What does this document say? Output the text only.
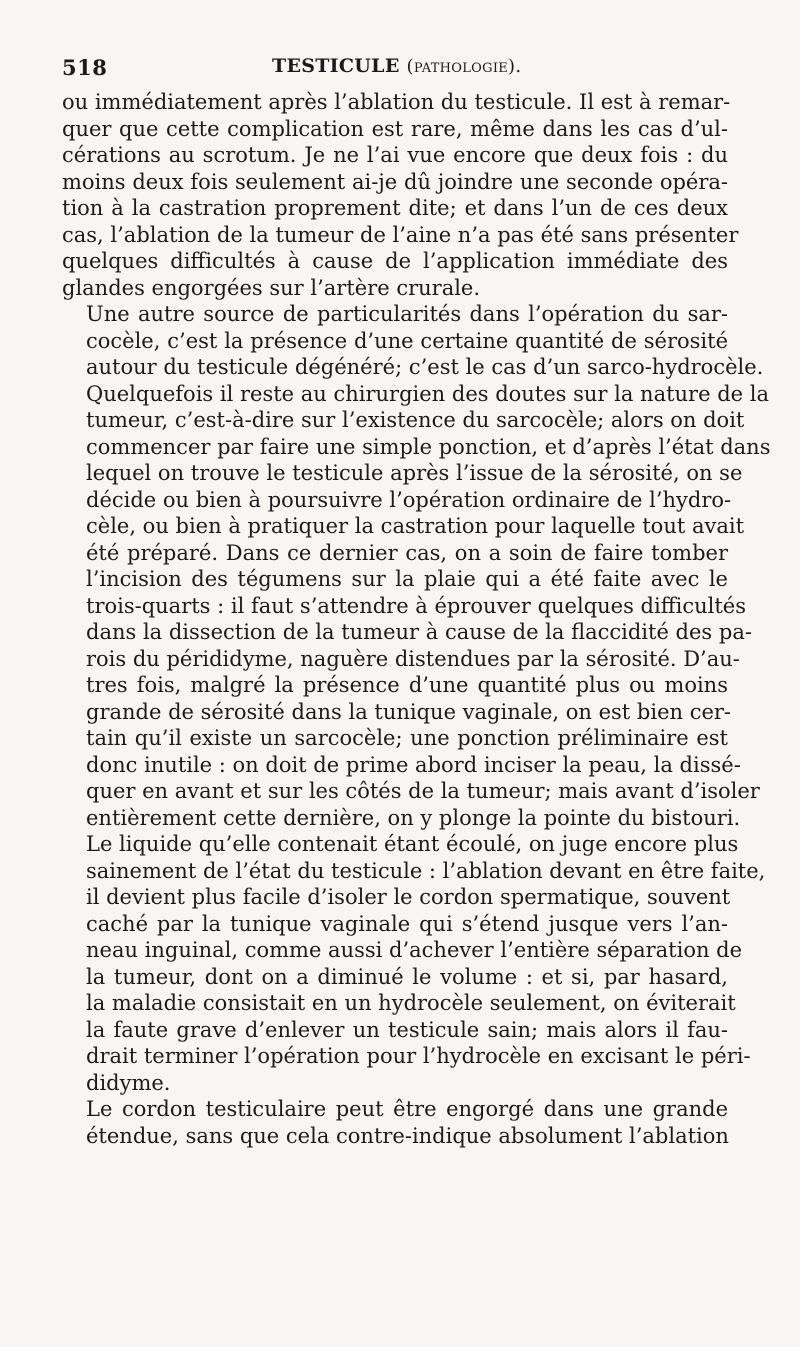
518	TESTICULE (pathologie).

ou immédiatement après l’ablation du testicule. Il est à remar-
quer que cette complication est rare, même dans les cas d’ul-
cérations au scrotum. Je ne l’ai vue encore que deux fois : du
moins deux fois seulement ai-je dû joindre une seconde opéra-
tion à la castration proprement dite; et dans l’un de ces deux
cas, l’ablation de la tumeur de l’aine n’a pas été sans présenter
quelques difficultés à cause de l’application immédiate des
glandes engorgées sur l’artère crurale.

Une autre source de particularités dans l’opération du sar-
cocèle, c’est la présence d’une certaine quantité de sérosité
autour du testicule dégénéré; c’est le cas d’un sarco-hydrocèle.
Quelquefois il reste au chirurgien des doutes sur la nature de la
tumeur, c’est-à-dire sur l’existence du sarcocèle; alors on doit
commencer par faire une simple ponction, et d’après l’état dans
lequel on trouve le testicule après l’issue de la sérosité, on se
décide ou bien à poursuivre l’opération ordinaire de l’hydro-
cèle, ou bien à pratiquer la castration pour laquelle tout avait
été préparé. Dans ce dernier cas, on a soin de faire tomber
l’incision des tégumens sur la plaie qui a été faite avec le
trois-quarts : il faut s’attendre à éprouver quelques difficultés
dans la dissection de la tumeur à cause de la flaccidité des pa-
rois du pérididyme, naguère distendues par la sérosité. D’au-
tres fois, malgré la présence d’une quantité plus ou moins
grande de sérosité dans la tunique vaginale, on est bien cer-
tain qu’il existe un sarcocèle; une ponction préliminaire est
donc inutile : on doit de prime abord inciser la peau, la dissé-
quer en avant et sur les côtés de la tumeur; mais avant d’isoler
entièrement cette dernière, on y plonge la pointe du bistouri.
Le liquide qu’elle contenait étant écoulé, on juge encore plus
sainement de l’état du testicule : l’ablation devant en être faite,
il devient plus facile d’isoler le cordon spermatique, souvent
caché par la tunique vaginale qui s’étend jusque vers l’an-
neau inguinal, comme aussi d’achever l’entière séparation de
la tumeur, dont on a diminué le volume : et si, par hasard,
la maladie consistait en un hydrocèle seulement, on éviterait
la faute grave d’enlever un testicule sain; mais alors il fau-
drait terminer l’opération pour l’hydrocèle en excisant le péri-
didyme.

Le cordon testiculaire peut être engorgé dans une grande
étendue, sans que cela contre-indique absolument l’ablation
